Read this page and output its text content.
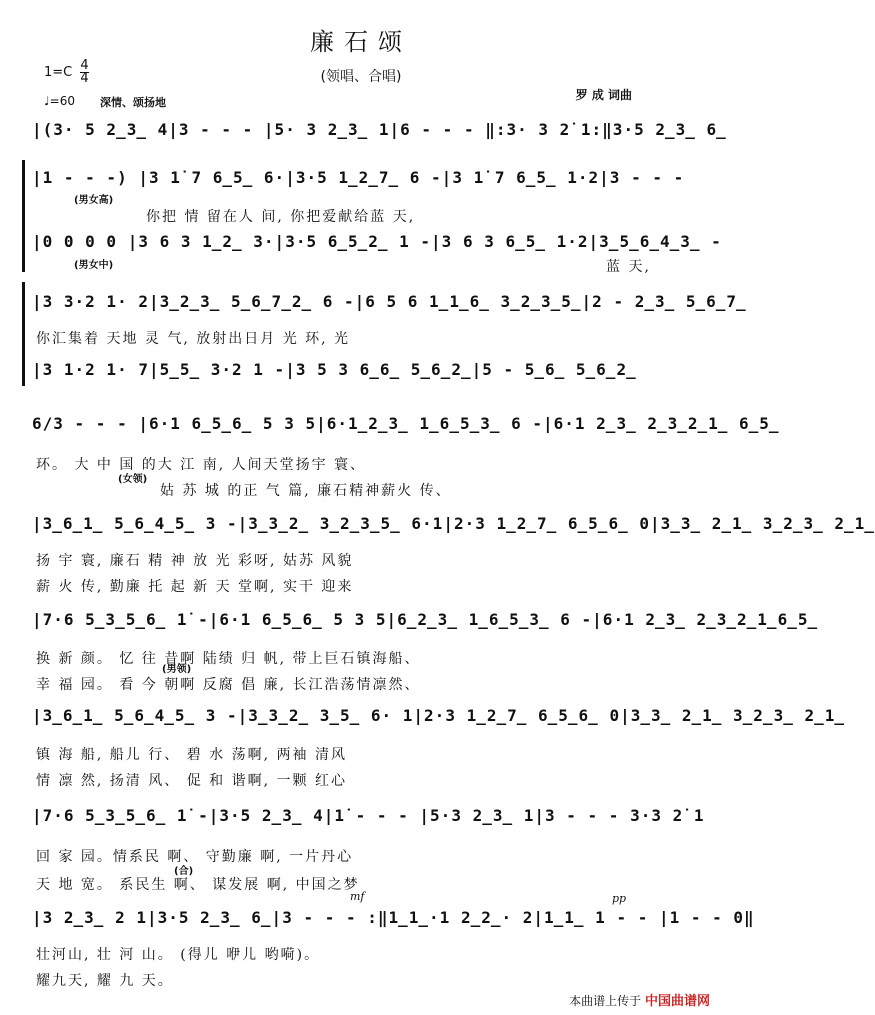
廉石颂
(领唱、合唱)
罗 成 词曲
$1=C \frac{4}{4}$
♩=60 深情、颂扬地
|(3· 5 2̲3̲ 4|3 - - - |5· 3 2̲3̲ 1|6 - - - ‖:3· 3 2̇ 1:‖3·5 2̲3̲ 6̲
|1 - - -) |3 1̇ 7 6̲5̲ 6·|3·5 1̲2̲7̲ 6 -|3 1̇ 7 6̲5̲ 1·2|3 - - -
(男女高)
你把 情 留在人 间, 你把爱献给蓝 天,
|0 0 0 0 |3 6 3 1̲2̲ 3·|3·5 6̲5̲2̲ 1 -|3 6 3 6̲5̲ 1·2|3̲5̲6̲4̲3̲ -
(男女中)	蓝 天,
|3 3·2 1· 2|3̲2̲3̲ 5̲6̲7̲2̲ 6 -|6 5 6 1̲1̲6̲ 3̲2̲3̲5̲|2 - 2̲3̲ 5̲6̲7̲
你汇集着 天地 灵 气, 放射出日月 光 环, 光
|3 1·2 1· 7|5̲5̲ 3·2 1 -|3 5 3 6̲6̲ 5̲6̲2̲|5 - 5̲6̲ 5̲6̲2̲
6/3 - - - |6·1 6̲5̲6̲ 5 3 5|6·1̲2̲3̲ 1̲6̲5̲3̲ 6 -|6·1 2̲3̲ 2̲3̲2̲1̲ 6̲5̲
环。 大 中 国 的大 江 南, 人间天堂扬宇 寰、
(女领)
姑 苏 城 的正 气 篇, 廉石精神薪火 传、
|3̲6̲1̲ 5̲6̲4̲5̲ 3 -|3̲3̲2̲ 3̲2̲3̲5̲ 6·1|2·3 1̲2̲7̲ 6̲5̲6̲ 0|3̲3̲ 2̲1̲ 3̲2̲3̲ 2̲1̲
扬 宇 寰, 廉石 精 神 放 光 彩呀, 姑苏 风貌
薪 火 传, 勤廉 托 起 新 天 堂啊, 实干 迎来
|7·6 5̲3̲5̲6̲ 1̇ -|6·1 6̲5̲6̲ 5 3 5|6̲2̲3̲ 1̲6̲5̲3̲ 6 -|6·1 2̲3̲ 2̲3̲2̲1̲6̲5̲
换 新 颜。 忆 往 昔啊 陆绩 归 帆, 带上巨石镇海船、
(男领)
幸 福 园。 看 今 朝啊 反腐 倡 廉, 长江浩荡情凛然、
|3̲6̲1̲ 5̲6̲4̲5̲ 3 -|3̲3̲2̲ 3̲5̲ 6· 1|2·3 1̲2̲7̲ 6̲5̲6̲ 0|3̲3̲ 2̲1̲ 3̲2̲3̲ 2̲1̲
镇 海 船, 船儿 行、 碧 水 荡啊, 两袖 清风
情 凛 然, 扬清 风、 促 和 谐啊, 一颗 红心
|7·6 5̲3̲5̲6̲ 1̇ -|3·5 2̲3̲ 4|1̇ - - - |5·3 2̲3̲ 1|3 - - - 3·3 2̇ 1
回 家 园。情系民 啊、 守勤廉 啊, 一片丹心
(合)
天 地 宽。 系民生 啊、 谋发展 啊, 中国之梦
mf	pp
|3 2̲3̲ 2 1|3·5 2̲3̲ 6̲|3 - - - :‖1̲1̲·1 2̲2̲· 2|1̲1̲ 1 - - |1 - - 0‖
壮河山, 壮 河 山。 (得儿 咿儿 哟嗬)。
耀九天, 耀 九 天。
本曲谱上传于 中国曲谱网
